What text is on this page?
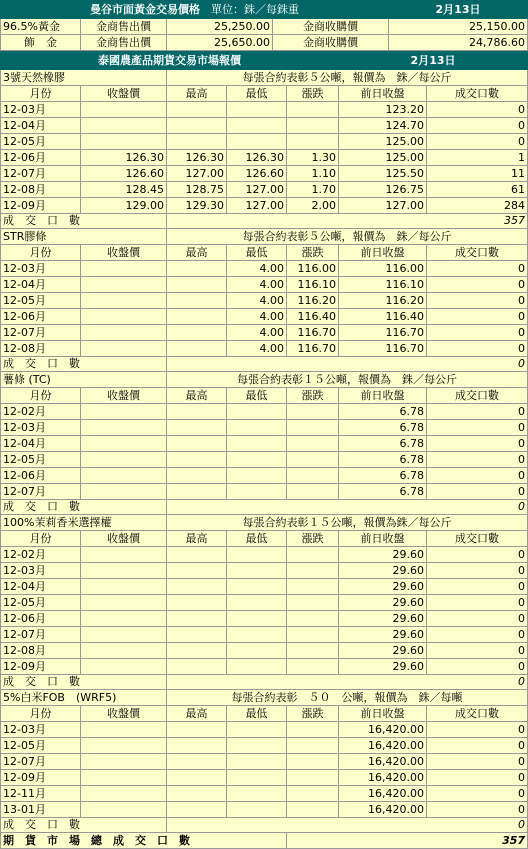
曼谷市面黃金交易價格　 單位：銖／每銖重				2月13日
96.5%黃金	金商售出價	25,250.00	金商收購價	25,150.00
飾　金	金商售出價	25,650.00	金商收購價	24,786.60
泰國農產品期貨交易市場報價					2月13日	
3號天然橡膠		每張合約表彰５公噸，報價為　銖／每公斤				
月份	收盤價	最高	最低	漲跌	前日收盤	成交口數
12-03月					123.20	0
12-04月					124.70	0
12-05月					125.00	0
12-06月	126.30	126.30	126.30	1.30	125.00	1
12-07月	126.60	127.00	126.60	1.10	125.50	11
12-08月	128.45	128.75	127.00	1.70	126.75	61
12-09月	129.00	129.30	127.00	2.00	127.00	284
成　交　口　數		357				
STR膠條		每張合約表彰５公噸，報價為　銖／每公斤				
月份	收盤價	最高	最低	漲跌	前日收盤	成交口數
12-03月			4.00	116.00	116.00	0
12-04月			4.00	116.10	116.10	0
12-05月			4.00	116.20	116.20	0
12-06月			4.00	116.40	116.40	0
12-07月			4.00	116.70	116.70	0
12-08月			4.00	116.70	116.70	0
成　交　口　數		0				
薯條 (TC)		每張合約表彰１５公噸，報價為　銖／每公斤				
月份	收盤價	最高	最低	漲跌	前日收盤	成交口數
12-02月					6.78	0
12-03月					6.78	0
12-04月					6.78	0
12-05月					6.78	0
12-06月					6.78	0
12-07月					6.78	0
成　交　口　數		0				
100%茉莉香米選擇權		每張合約表彰１５公噸，報價為銖／每公斤				
月份	收盤價	最高	最低	漲跌	前日收盤	成交口數
12-02月					29.60	0
12-03月					29.60	0
12-04月					29.60	0
12-05月					29.60	0
12-06月					29.60	0
12-07月					29.60	0
12-08月					29.60	0
12-09月					29.60	0
成　交　口　數		0				
5%白米FOB　(WRF5)		每張合約表彰　５０　公噸，報價為　銖／每噸				
月份	收盤價	最高	最低	漲跌	前日收盤	成交口數
12-03月					16,420.00	0
12-05月					16,420.00	0
12-07月					16,420.00	0
12-09月					16,420.00	0
12-11月					16,420.00	0
13-01月					16,420.00	0
成　交　口　數		0				
期　貨　市　場　總　成　交　口　數				357		
